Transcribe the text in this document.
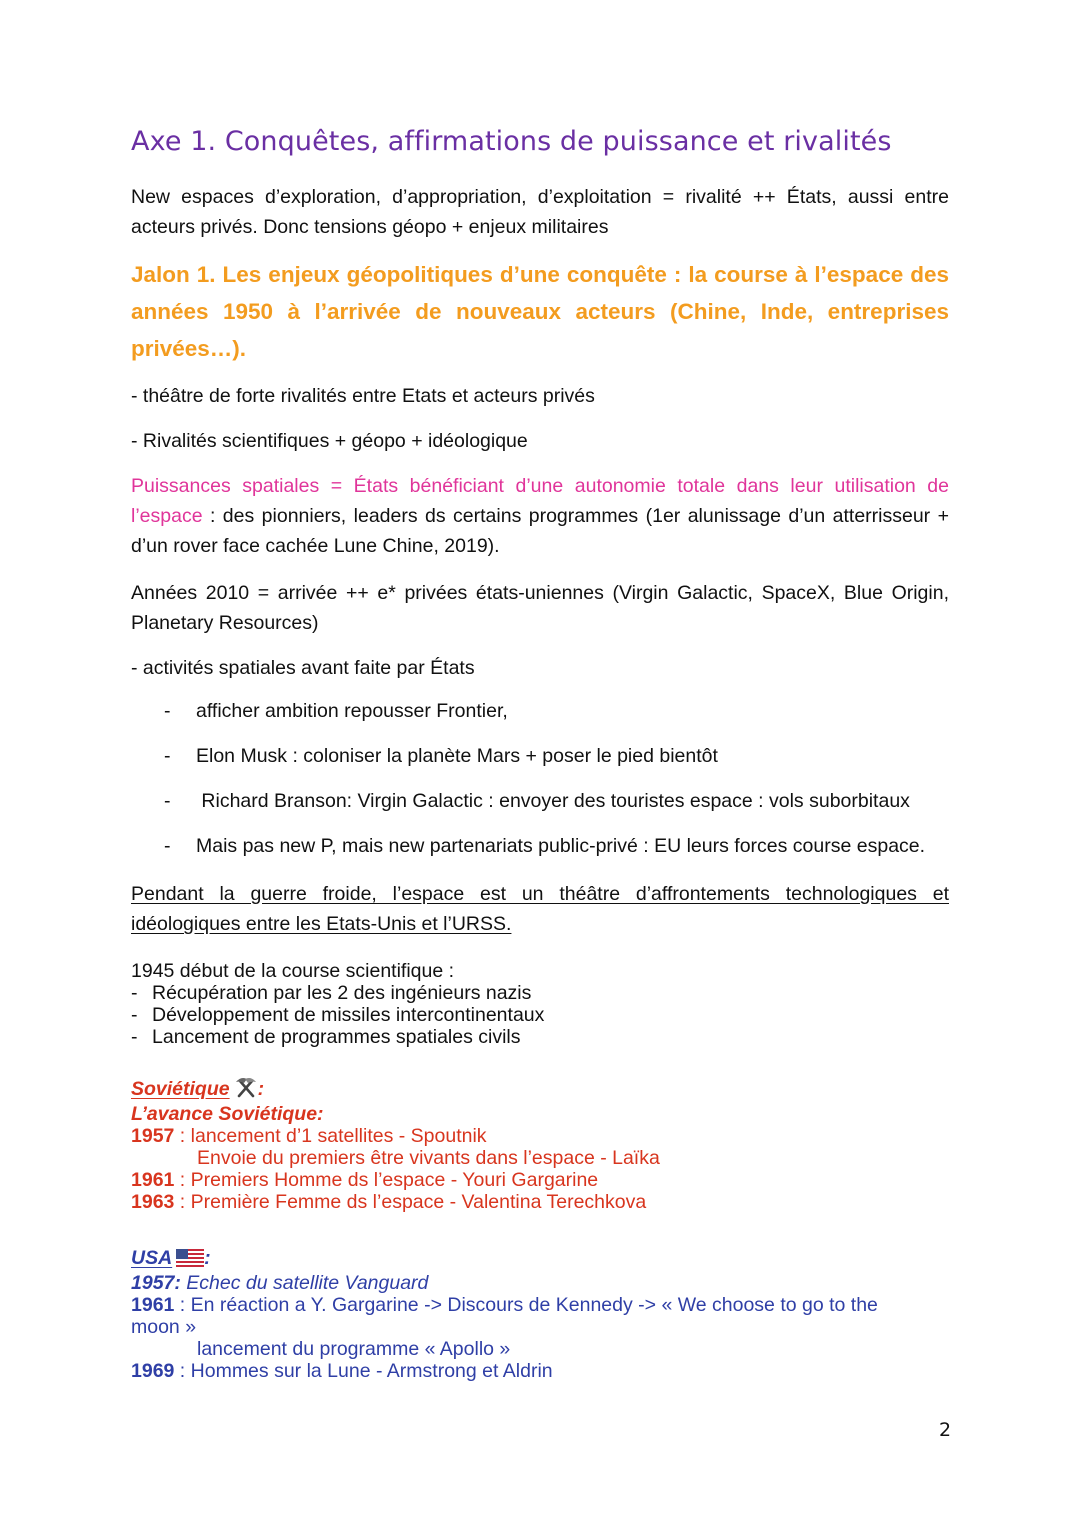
Axe 1. Conquêtes, affirmations de puissance et rivalités
New espaces d’exploration, d’appropriation, d’exploitation = rivalité ++ États, aussi entre acteurs privés. Donc tensions géopo + enjeux militaires
Jalon 1. Les enjeux géopolitiques d’une conquête : la course à l’espace des années 1950 à l’arrivée de nouveaux acteurs (Chine, Inde, entreprises privées…).
- théâtre de forte rivalités entre Etats et acteurs privés
- Rivalités scientifiques + géopo + idéologique
Puissances spatiales = États bénéficiant d’une autonomie totale dans leur utilisation de l’espace : des pionniers, leaders ds certains programmes (1er alunissage d’un atterrisseur + d’un rover face cachée Lune Chine, 2019).
Années 2010 = arrivée ++ e* privées états-uniennes (Virgin Galactic, SpaceX, Blue Origin, Planetary Resources)
- activités spatiales avant faite par États
- afficher ambition repousser Frontier,
- Elon Musk : coloniser la planète Mars + poser le pied bientôt
- Richard Branson: Virgin Galactic : envoyer des touristes espace : vols suborbitaux
- Mais pas new P, mais new partenariats public-privé : EU leurs forces course espace.
Pendant la guerre froide, l’espace est un théâtre d’affrontements technologiques et idéologiques entre les Etats-Unis et l’URSS.
1945 début de la course scientifique :
- Récupération par les 2 des ingénieurs nazis
- Développement de missiles intercontinentaux
- Lancement de programmes spatiales civils
Soviétique :
L’avance Soviétique:
1957 : lancement d’1 satellites - Spoutnik
Envoie du premiers être vivants dans l’espace - Laïka
1961 : Premiers Homme ds l’espace - Youri Gargarine
1963 : Première Femme ds l’espace - Valentina Terechkova
USA :
1957: Echec du satellite Vanguard
1961 : En réaction a Y. Gargarine -> Discours de Kennedy -> « We choose to go to the moon »
lancement du programme « Apollo »
1969 : Hommes sur la Lune - Armstrong et Aldrin
2
